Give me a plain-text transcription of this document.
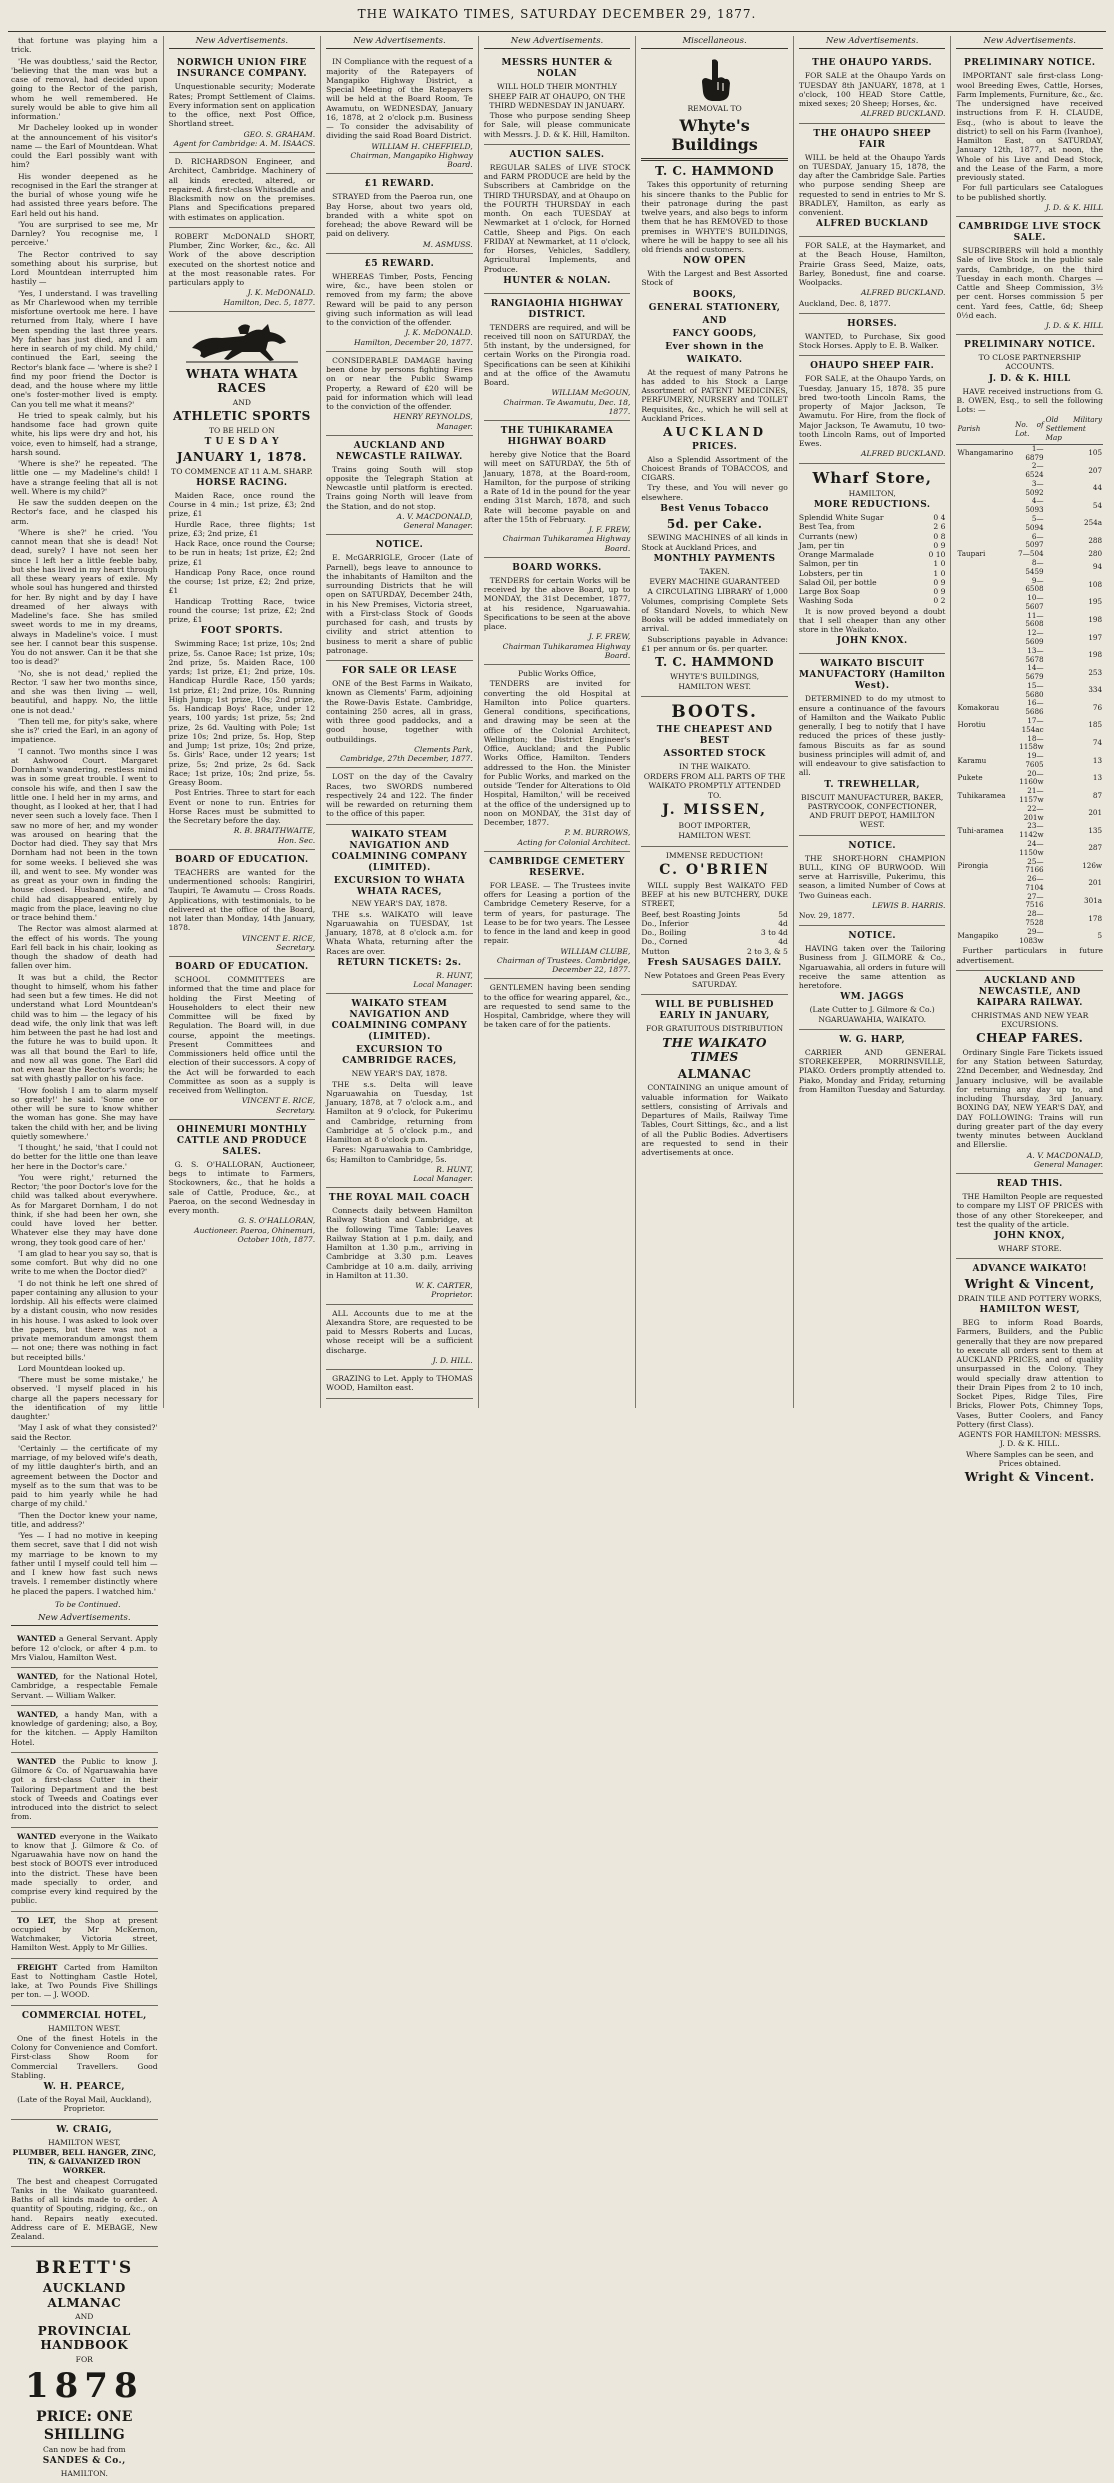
THE WAIKATO TIMES, SATURDAY DECEMBER 29, 1877.

that fortune was playing him a trick.

'He was doubtless,' said the Rector, 'believing that the man was but a case of removal, had decided upon going to the Rector of the parish, whom he well remembered. He surely would be able to give him all information.'

Mr Dacheley looked up in wonder at the announcement of his visitor's name — the Earl of Mountdean. What could the Earl possibly want with him?

His wonder deepened as he recognised in the Earl the stranger at the burial of whose young wife he had assisted three years before. The Earl held out his hand.

'You are surprised to see me, Mr Darnley? You recognise me, I perceive.'

The Rector contrived to say something about his surprise, but Lord Mountdean interrupted him hastily —

'Yes, I understand. I was travelling as Mr Charlewood when my terrible misfortune overtook me here. I have returned from Italy, where I have been spending the last three years. My father has just died, and I am here in search of my child. My child,' continued the Earl, seeing the Rector's blank face — 'where is she? I find my poor friend the Doctor is dead, and the house where my little one's foster-mother lived is empty. Can you tell me what it means?'

He tried to speak calmly, but his handsome face had grown quite white, his lips were dry and hot, his voice, even to himself, had a strange, harsh sound.

'Where is she?' he repeated. 'The little one — my Madeline's child! I have a strange feeling that all is not well. Where is my child?'

He saw the sudden deepen on the Rector's face, and he clasped his arm.

'Where is she?' he cried. 'You cannot mean that she is dead! Not dead, surely? I have not seen her since I left her a little feeble baby, but she has lived in my heart through all these weary years of exile. My whole soul has hungered and thirsted for her. By night and by day I have dreamed of her always with Madeline's face. She has smiled sweet words to me in my dreams, always in Madeline's voice. I must see her. I cannot bear this suspense. You do not answer. Can it be that she too is dead?'

'No, she is not dead,' replied the Rector. 'I saw her two months since, and she was then living — well, beautiful, and happy. No, the little one is not dead.'

'Then tell me, for pity's sake, where she is?' cried the Earl, in an agony of impatience.

'I cannot. Two months since I was at Ashwood Court. Margaret Dornham's wandering, restless mind was in some great trouble. I went to console his wife, and then I saw the little one. I held her in my arms, and thought, as I looked at her, that I had never seen such a lovely face. Then I saw no more of her, and my wonder was aroused on hearing that the Doctor had died. They say that Mrs Dornham had not been in the town for some weeks. I believed she was ill, and went to see. My wonder was as great as your own in finding the house closed. Husband, wife, and child had disappeared entirely by magic from the place, leaving no clue or trace behind them.'

The Rector was almost alarmed at the effect of his words. The young Earl fell back in his chair, looking as though the shadow of death had fallen over him.

It was but a child, the Rector thought to himself, whom his father had seen but a few times. He did not understand what Lord Mountdean's child was to him — the legacy of his dead wife, the only link that was left him between the past he had lost and the future he was to build upon. It was all that bound the Earl to life, and now all was gone. The Earl did not even hear the Rector's words; he sat with ghastly pallor on his face.

'How foolish I am to alarm myself so greatly!' he said. 'Some one or other will be sure to know whither the woman has gone. She may have taken the child with her, and be living quietly somewhere.'

'I thought,' he said, 'that I could not do better for the little one than leave her here in the Doctor's care.'

'You were right,' returned the Rector; 'the poor Doctor's love for the child was talked about everywhere. As for Margaret Dornham, I do not think, if she had been her own, she could have loved her better. Whatever else they may have done wrong, they took good care of her.'

'I am glad to hear you say so, that is some comfort. But why did no one write to me when the Doctor died?'

'I do not think he left one shred of paper containing any allusion to your lordship. All his effects were claimed by a distant cousin, who now resides in his house. I was asked to look over the papers, but there was not a private memorandum amongst them — not one; there was nothing in fact but receipted bills.'

Lord Mountdean looked up.

'There must be some mistake,' he observed. 'I myself placed in his charge all the papers necessary for the identification of my little daughter.'

'May I ask of what they consisted?' said the Rector.

'Certainly — the certificate of my marriage, of my beloved wife's death, of my little daughter's birth, and an agreement between the Doctor and myself as to the sum that was to be paid to him yearly while he had charge of my child.'

'Then the Doctor knew your name, title, and address?'

'Yes — I had no motive in keeping them secret, save that I did not wish my marriage to be known to my father until I myself could tell him — and I knew how fast such news travels. I remember distinctly where he placed the papers. I watched him.'

To be Continued.

New Advertisements.

WANTED a General Servant. Apply before 12 o'clock, or after 4 p.m. to Mrs Vialou, Hamilton West.

WANTED, for the National Hotel, Cambridge, a respectable Female Servant. — William Walker.

WANTED, a handy Man, with a knowledge of gardening; also, a Boy, for the kitchen. — Apply Hamilton Hotel.

WANTED the Public to know J. Gilmore & Co. of Ngaruawahia have got a first-class Cutter in their Tailoring Department and the best stock of Tweeds and Coatings ever introduced into the district to select from.

WANTED everyone in the Waikato to know that J. Gilmore & Co. of Ngaruawahia have now on hand the best stock of BOOTS ever introduced into the district. These have been made specially to order, and comprise every kind required by the public.

TO LET, the Shop at present occupied by Mr McKernon, Watchmaker, Victoria street, Hamilton West. Apply to Mr Gillies.

FREIGHT Carted from Hamilton East to Nottingham Castle Hotel, lake, at Two Pounds Five Shillings per ton. — J. WOOD.

COMMERCIAL HOTEL,
HAMILTON WEST.

One of the finest Hotels in the Colony for Convenience and Comfort. First-class Show Room for Commercial Travellers. Good Stabling.

W. H. PEARCE,
(Late of the Royal Mail, Auckland), Proprietor.
W. CRAIG,
HAMILTON WEST,
PLUMBER, BELL HANGER, ZINC, TIN, & GALVANIZED IRON WORKER.

The best and cheapest Corrugated Tanks in the Waikato guaranteed. Baths of all kinds made to order. A quantity of Spouting, ridging, &c., on hand. Repairs neatly executed. Address care of E. MEBAGE, New Zealand.

BRETT'S
AUCKLAND ALMANAC
AND
PROVINCIAL HANDBOOK
FOR
1878
PRICE: ONE SHILLING
Can now be had from
SANDES & Co.,
HAMILTON.
New Advertisements.
NORWICH UNION FIRE INSURANCE COMPANY.

Unquestionable security; Moderate Rates; Prompt Settlement of Claims. Every information sent on application to the office, next Post Office, Shortland street.

GEO. S. GRAHAM.
Agent for Cambridge: A. M. ISAACS.

D. RICHARDSON Engineer, and Architect, Cambridge. Machinery of all kinds erected, altered, or repaired. A first-class Whitsaddle and Blacksmith now on the premises. Plans and Specifications prepared with estimates on application.

ROBERT McDONALD SHORT, Plumber, Zinc Worker, &c., &c. All Work of the above description executed on the shortest notice and at the most reasonable rates. For particulars apply to

J. K. McDONALD.
Hamilton, Dec. 5, 1877.
WHATA WHATA RACES
AND
ATHLETIC SPORTS
TO BE HELD ON
T U E S D A Y
JANUARY 1, 1878.
TO COMMENCE AT 11 A.M. SHARP.
HORSE RACING.

Maiden Race, once round the Course in 4 min.; 1st prize, £3; 2nd prize, £1

Hurdle Race, three flights; 1st prize, £3; 2nd prize, £1

Hack Race, once round the Course; to be run in heats; 1st prize, £2; 2nd prize, £1

Handicap Pony Race, once round the course; 1st prize, £2; 2nd prize, £1

Handicap Trotting Race, twice round the course; 1st prize, £2; 2nd prize, £1

FOOT SPORTS.

Swimming Race; 1st prize, 10s; 2nd prize, 5s. Canoe Race; 1st prize, 10s; 2nd prize, 5s. Maiden Race, 100 yards; 1st prize, £1; 2nd prize, 10s. Handicap Hurdle Race, 150 yards; 1st prize, £1; 2nd prize, 10s. Running High Jump; 1st prize, 10s; 2nd prize, 5s. Handicap Boys' Race, under 12 years, 100 yards; 1st prize, 5s; 2nd prize, 2s 6d. Vaulting with Pole; 1st prize 10s; 2nd prize, 5s. Hop, Step and Jump; 1st prize, 10s; 2nd prize, 5s. Girls' Race, under 12 years; 1st prize, 5s; 2nd prize, 2s 6d. Sack Race; 1st prize, 10s; 2nd prize, 5s. Greasy Boom.

Post Entries. Three to start for each Event or none to run. Entries for Horse Races must be submitted to the Secretary before the day.

R. B. BRAITHWAITE,
Hon. Sec.
BOARD OF EDUCATION.

TEACHERS are wanted for the undermentioned schools: Rangiriri, Taupiri, Te Awamutu — Cross Roads. Applications, with testimonials, to be delivered at the office of the Board, not later than Monday, 14th January, 1878.

VINCENT E. RICE,
Secretary.
BOARD OF EDUCATION.

SCHOOL COMMITTEES are informed that the time and place for holding the First Meeting of Householders to elect their new Committee will be fixed by Regulation. The Board will, in due course, appoint the meetings. Present Committees and Commissioners held office until the election of their successors. A copy of the Act will be forwarded to each Committee as soon as a supply is received from Wellington.

VINCENT E. RICE,
Secretary.
OHINEMURI MONTHLY CATTLE AND PRODUCE SALES.

G. S. O'HALLORAN, Auctioneer, begs to intimate to Farmers, Stockowners, &c., that he holds a sale of Cattle, Produce, &c., at Paeroa, on the second Wednesday in every month.

G. S. O'HALLORAN,
Auctioneer. Paeroa, Ohinemuri, October 10th, 1877.
New Advertisements.

IN Compliance with the request of a majority of the Ratepayers of Mangapiko Highway District, a Special Meeting of the Ratepayers will be held at the Board Room, Te Awamutu, on WEDNESDAY, January 16, 1878, at 2 o'clock p.m. Business — To consider the advisability of dividing the said Road Board District.

WILLIAM H. CHEFFIELD,
Chairman, Mangapiko Highway Board.
£1 REWARD.

STRAYED from the Paeroa run, one Bay Horse, about two years old, branded with a white spot on forehead; the above Reward will be paid on delivery.

M. ASMUSS.
£5 REWARD.

WHEREAS Timber, Posts, Fencing wire, &c., have been stolen or removed from my farm; the above Reward will be paid to any person giving such information as will lead to the conviction of the offender.

J. K. McDONALD.
Hamilton, December 20, 1877.

CONSIDERABLE DAMAGE having been done by persons fighting Fires on or near the Public Swamp Property, a Reward of £20 will be paid for information which will lead to the conviction of the offender.

HENRY REYNOLDS,
Manager.
AUCKLAND AND NEWCASTLE RAILWAY.

Trains going South will stop opposite the Telegraph Station at Newcastle until platform is erected. Trains going North will leave from the Station, and do not stop.

A. V. MACDONALD,
General Manager.
NOTICE.

E. McGARRIGLE, Grocer (Late of Parnell), begs leave to announce to the inhabitants of Hamilton and the surrounding Districts that he will open on SATURDAY, December 24th, in his New Premises, Victoria street, with a First-class Stock of Goods purchased for cash, and trusts by civility and strict attention to business to merit a share of public patronage.

FOR SALE OR LEASE

ONE of the Best Farms in Waikato, known as Clements' Farm, adjoining the Rowe-Davis Estate. Cambridge, containing 250 acres, all in grass, with three good paddocks, and a good house, together with outbuildings.

Clements Park,
Cambridge, 27th December, 1877.

LOST on the day of the Cavalry Races, two SWORDS numbered respectively 24 and 122. The finder will be rewarded on returning them to the office of this paper.

WAIKATO STEAM NAVIGATION AND COALMINING COMPANY (LIMITED).
EXCURSION TO WHATA WHATA RACES,
NEW YEAR'S DAY, 1878.

THE s.s. WAIKATO will leave Ngaruawahia on TUESDAY, 1st January, 1878, at 8 o'clock a.m. for Whata Whata, returning after the Races are over.

RETURN TICKETS: 2s.
R. HUNT,
Local Manager.
WAIKATO STEAM NAVIGATION AND COALMINING COMPANY (LIMITED).
EXCURSION TO CAMBRIDGE RACES,
NEW YEAR'S DAY, 1878.

THE s.s. Delta will leave Ngaruawahia on Tuesday, 1st January, 1878, at 7 o'clock a.m., and Hamilton at 9 o'clock, for Pukerimu and Cambridge, returning from Cambridge at 5 o'clock p.m., and Hamilton at 8 o'clock p.m.

Fares: Ngaruawahia to Cambridge, 6s; Hamilton to Cambridge, 5s.

R. HUNT,
Local Manager.
THE ROYAL MAIL COACH

Connects daily between Hamilton Railway Station and Cambridge, at the following Time Table: Leaves Railway Station at 1 p.m. daily, and Hamilton at 1.30 p.m., arriving in Cambridge at 3.30 p.m. Leaves Cambridge at 10 a.m. daily, arriving in Hamilton at 11.30.

W. K. CARTER,
Proprietor.

ALL Accounts due to me at the Alexandra Store, are requested to be paid to Messrs Roberts and Lucas, whose receipt will be a sufficient discharge.

J. D. HILL.

GRAZING to Let. Apply to THOMAS WOOD, Hamilton east.

New Advertisements.
MESSRS HUNTER & NOLAN
WILL HOLD THEIR MONTHLY SHEEP FAIR AT OHAUPO, ON THE THIRD WEDNESDAY IN JANUARY.

Those who purpose sending Sheep for Sale, will please communicate with Messrs. J. D. & K. Hill, Hamilton.

AUCTION SALES.

REGULAR SALES of LIVE STOCK and FARM PRODUCE are held by the Subscribers at Cambridge on the THIRD THURSDAY, and at Ohaupo on the FOURTH THURSDAY in each month. On each TUESDAY at Newmarket at 1 o'clock, for Horned Cattle, Sheep and Pigs. On each FRIDAY at Newmarket, at 11 o'clock, for Horses, Vehicles, Saddlery, Agricultural Implements, and Produce.

HUNTER & NOLAN.
RANGIAOHIA HIGHWAY DISTRICT.

TENDERS are required, and will be received till noon on SATURDAY, the 5th instant, by the undersigned, for certain Works on the Pirongia road. Specifications can be seen at Kihikihi and at the office of the Awamutu Board.

WILLIAM McGOUN,
Chairman. Te Awamutu, Dec. 18, 1877.
THE TUHIKARAMEA HIGHWAY BOARD

hereby give Notice that the Board will meet on SATURDAY, the 5th of January, 1878, at the Board-room, Hamilton, for the purpose of striking a Rate of 1d in the pound for the year ending 31st March, 1878, and such Rate will become payable on and after the 15th of February.

J. F. FREW,
Chairman Tuhikaramea Highway Board.
BOARD WORKS.

TENDERS for certain Works will be received by the above Board, up to MONDAY, the 31st December, 1877, at his residence, Ngaruawahia. Specifications to be seen at the above place.

J. F. FREW,
Chairman Tuhikaramea Highway Board.
Public Works Office,

TENDERS are invited for converting the old Hospital at Hamilton into Police quarters. General conditions, specifications, and drawing may be seen at the office of the Colonial Architect, Wellington; the District Engineer's Office, Auckland; and the Public Works Office, Hamilton. Tenders addressed to the Hon. the Minister for Public Works, and marked on the outside 'Tender for Alterations to Old Hospital, Hamilton,' will be received at the office of the undersigned up to noon on MONDAY, the 31st day of December, 1877.

P. M. BURROWS,
Acting for Colonial Architect.
CAMBRIDGE CEMETERY RESERVE.

FOR LEASE. — The Trustees invite offers for Leasing a portion of the Cambridge Cemetery Reserve, for a term of years, for pasturage. The Lease to be for two years. The Lessee to fence in the land and keep in good repair.

WILLIAM CLUBE,
Chairman of Trustees. Cambridge, December 22, 1877.

GENTLEMEN having been sending to the office for wearing apparel, &c., are requested to send same to the Hospital, Cambridge, where they will be taken care of for the patients.

Miscellaneous.
REMOVAL TO
Whyte's Buildings
T. C. HAMMOND

Takes this opportunity of returning his sincere thanks to the Public for their patronage during the past twelve years, and also begs to inform them that he has REMOVED to those premises in WHYTE'S BUILDINGS, where he will be happy to see all his old friends and customers.

NOW OPEN

With the Largest and Best Assorted Stock of

BOOKS,
GENERAL STATIONERY,
AND
FANCY GOODS,
Ever shown in the
WAIKATO.

At the request of many Patrons he has added to his Stock a Large Assortment of PATENT MEDICINES, PERFUMERY, NURSERY and TOILET Requisites, &c., which he will sell at Auckland Prices.

AUCKLAND
PRICES.

Also a Splendid Assortment of the Choicest Brands of TOBACCOS, and CIGARS.

Try these, and You will never go elsewhere.

Best Venus Tobacco
5d. per Cake.

SEWING MACHINES of all kinds in Stock at Auckland Prices, and

MONTHLY PAYMENTS
TAKEN.
EVERY MACHINE GUARANTEED

A CIRCULATING LIBRARY of 1,000 Volumes, comprising Complete Sets of Standard Novels, to which New Books will be added immediately on arrival.

Subscriptions payable in Advance: £1 per annum or 6s. per quarter.

T. C. HAMMOND
WHYTE'S BUILDINGS,
HAMILTON WEST.
BOOTS.
THE CHEAPEST AND BEST
ASSORTED STOCK
IN THE WAIKATO.

ORDERS FROM ALL PARTS OF THE WAIKATO PROMPTLY ATTENDED TO.

J. MISSEN,
BOOT IMPORTER,
HAMILTON WEST.
IMMENSE REDUCTION!
C. O'BRIEN

WILL supply Best WAIKATO FED BEEF at his new BUTCHERY, DUKE STREET,

Beef, best Roasting Joints	5d
Do., Inferior	4d
Do., Boiling	3 to 4d
Do., Corned	4d
Mutton	2 to 3, & 5
Fresh SAUSAGES DAILY.
New Potatoes and Green Peas Every SATURDAY.
WILL BE PUBLISHED EARLY IN JANUARY,
FOR GRATUITOUS DISTRIBUTION
THE WAIKATO TIMES
ALMANAC

CONTAINING an unique amount of valuable information for Waikato settlers, consisting of Arrivals and Departures of Mails, Railway Time Tables, Court Sittings, &c., and a list of all the Public Bodies. Advertisers are requested to send in their advertisements at once.

New Advertisements.
THE OHAUPO YARDS.

FOR SALE at the Ohaupo Yards on TUESDAY 8th JANUARY, 1878, at 1 o'clock, 100 HEAD Store Cattle, mixed sexes; 20 Sheep; Horses, &c.

ALFRED BUCKLAND.
THE OHAUPO SHEEP FAIR

WILL be held at the Ohaupo Yards on TUESDAY, January 15, 1878, the day after the Cambridge Sale. Parties who purpose sending Sheep are requested to send in entries to Mr S. BRADLEY, Hamilton, as early as convenient.

ALFRED BUCKLAND

FOR SALE, at the Haymarket, and at the Beach House, Hamilton, Prairie Grass Seed, Maize, oats, Barley, Bonedust, fine and coarse. Woolpacks.

ALFRED BUCKLAND.
Auckland, Dec. 8, 1877.
HORSES.

WANTED, to Purchase, Six good Stock Horses. Apply to E. B. Walker.

OHAUPO SHEEP FAIR.

FOR SALE, at the Ohaupo Yards, on Tuesday, January 15, 1878. 35 pure bred two-tooth Lincoln Rams, the property of Major Jackson, Te Awamutu. For Hire, from the flock of Major Jackson, Te Awamutu, 10 two-tooth Lincoln Rams, out of Imported Ewes.

ALFRED BUCKLAND.
Wharf Store,
HAMILTON,
MORE REDUCTIONS.
Splendid White Sugar	0 4
Best Tea, from	2 6
Currants (new)	0 8
Jam, per tin	0 9
Orange Marmalade	0 10
Salmon, per tin	1 0
Lobsters, per tin	1 0
Salad Oil, per bottle	0 9
Large Box Soap	0 9
Washing Soda	0 2

It is now proved beyond a doubt that I sell cheaper than any other store in the Waikato.

JOHN KNOX.
WAIKATO BISCUIT MANUFACTORY (Hamilton West).

DETERMINED to do my utmost to ensure a continuance of the favours of Hamilton and the Waikato Public generally, I beg to notify that I have reduced the prices of these justly-famous Biscuits as far as sound business principles will admit of, and will endeavour to give satisfaction to all.

T. TREWHELLAR,
BISCUIT MANUFACTURER, BAKER, PASTRYCOOK, CONFECTIONER, AND FRUIT DEPOT, HAMILTON WEST.
NOTICE.

THE SHORT-HORN CHAMPION BULL, KING OF BURWOOD. Will serve at Harrisville, Pukerimu, this season, a limited Number of Cows at Two Guineas each.

LEWIS B. HARRIS.
Nov. 29, 1877.
NOTICE.

HAVING taken over the Tailoring Business from J. GILMORE & Co., Ngaruawahia, all orders in future will receive the same attention as heretofore.

WM. JAGGS
(Late Cutter to J. Gilmore & Co.) NGARUAWAHIA, WAIKATO.
W. G. HARP,

CARRIER AND GENERAL STOREKEEPER, MORRINSVILLE, PIAKO. Orders promptly attended to. Piako, Monday and Friday, returning from Hamilton Tuesday and Saturday.

New Advertisements.
PRELIMINARY NOTICE.

IMPORTANT sale first-class Long-wool Breeding Ewes, Cattle, Horses, Farm Implements, Furniture, &c., &c. The undersigned have received instructions from F. H. CLAUDE, Esq., (who is about to leave the district) to sell on his Farm (Ivanhoe), Hamilton East, on SATURDAY, January 12th, 1877, at noon, the Whole of his Live and Dead Stock, and the Lease of the Farm, a more previously stated.

For full particulars see Catalogues to be published shortly.

J. D. & K. HILL
CAMBRIDGE LIVE STOCK SALE.

SUBSCRIBERS will hold a monthly Sale of live Stock in the public sale yards, Cambridge, on the third Tuesday in each month. Charges — Cattle and Sheep Commission, 3½ per cent. Horses commission 5 per cent. Yard fees, Cattle, 6d; Sheep 0½d each.

J. D. & K. HILL
PRELIMINARY NOTICE.
TO CLOSE PARTNERSHIP ACCOUNTS.
J. D. & K. HILL

HAVE received instructions from G. B. OWEN, Esq., to sell the following Lots: —

Parish	No. of Lot.	Old Military Settlement Map
Whangamarino	1—6879	105
	2—6524	207
	3—5092	44
	4—5093	54
	5—5094	254a
	6—5097	288
Taupari	7—504	280
	8—5459	94
	9—6508	108
	10—5607	195
	11—5608	198
	12—5609	197
	13—5678	198
	14—5679	253
	15—5680	334
Komakorau	16—5686	76
Horotiu	17—154ac	185
	18—1158w	74
Karamu	19—7605	13
Pukete	20—1160w	13
Tuhikaramea	21—1157w	87
	22—201w	201
Tuhi-aramea	23—1142w	135
	24—1150w	287
Pirongia	25—7166	126w
	26—7104	201
	27—7516	301a
	28—7528	178
Mangapiko	29—1083w	5

Further particulars in future advertisement.

AUCKLAND AND NEWCASTLE, AND KAIPARA RAILWAY.
CHRISTMAS AND NEW YEAR EXCURSIONS.
CHEAP FARES.

Ordinary Single Fare Tickets issued for any Station between Saturday, 22nd December, and Wednesday, 2nd January inclusive, will be available for returning any day up to, and including Thursday, 3rd January. BOXING DAY, NEW YEAR'S DAY, and DAY FOLLOWING: Trains will run during greater part of the day every twenty minutes between Auckland and Ellerslie.

A. V. MACDONALD,
General Manager.
READ THIS.

THE Hamilton People are requested to compare my LIST OF PRICES with those of any other Storekeeper, and test the quality of the article.

JOHN KNOX,
WHARF STORE.
ADVANCE WAIKATO!
Wright & Vincent,
DRAIN TILE AND POTTERY WORKS,
HAMILTON WEST,

BEG to inform Road Boards, Farmers, Builders, and the Public generally that they are now prepared to execute all orders sent to them at AUCKLAND PRICES, and of quality unsurpassed in the Colony. They would specially draw attention to their Drain Pipes from 2 to 10 inch, Socket Pipes, Ridge Tiles, Fire Bricks, Flower Pots, Chimney Tops, Vases, Butter Coolers, and Fancy Pottery (first Class).

AGENTS FOR HAMILTON: MESSRS. J. D. & K. HILL.
Where Samples can be seen, and Prices obtained.
Wright & Vincent.
